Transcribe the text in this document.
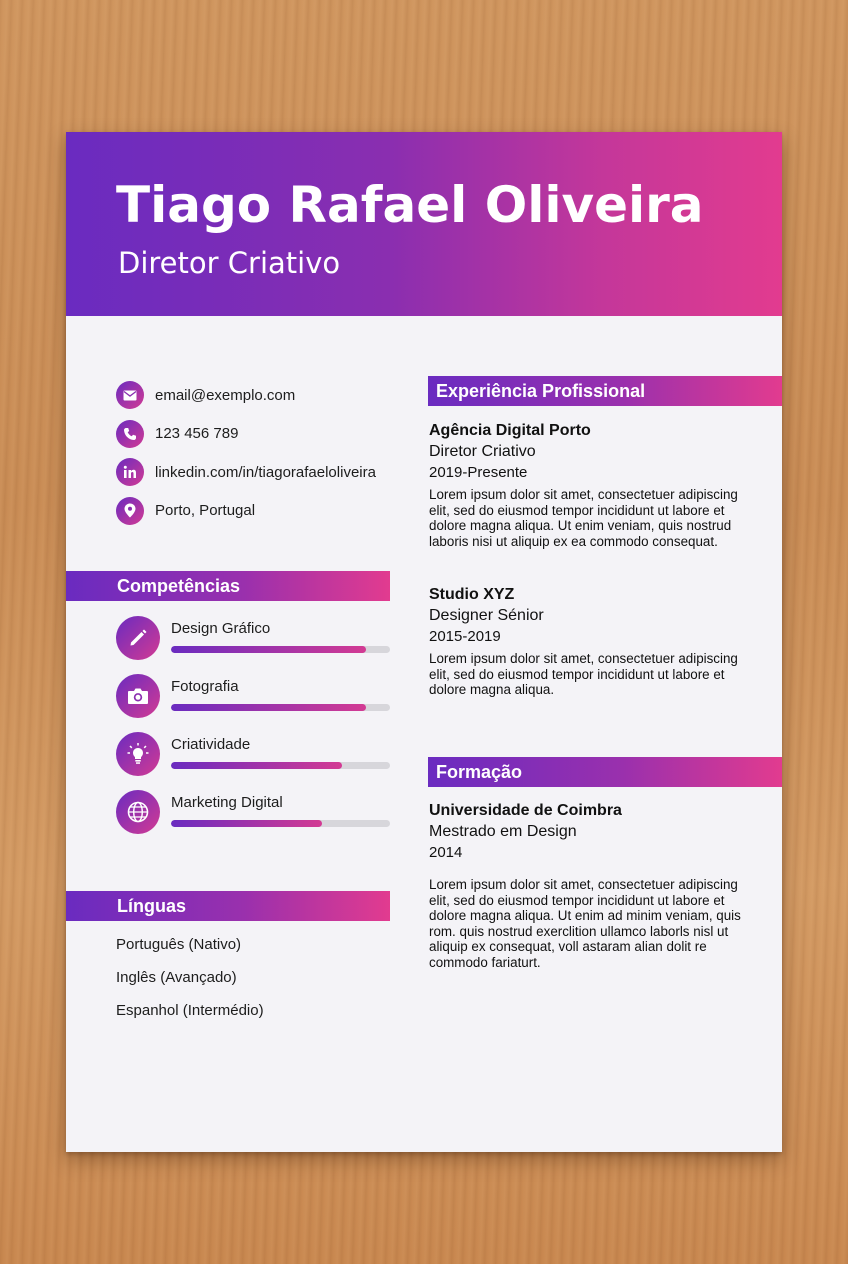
Tiago Rafael Oliveira
Diretor Criativo
email@exemplo.com
123 456 789
linkedin.com/in/tiagorafaeloliveira
Porto, Portugal
Competências
Design Gráfico
Fotografia
Criatividade
Marketing Digital
Línguas
Português (Nativo)
Inglês (Avançado)
Espanhol (Intermédio)
Experiência Profissional
Agência Digital Porto
Diretor Criativo
2019-Presente
Lorem ipsum dolor sit amet, consectetuer adipiscing elit, sed do eiusmod tempor incididunt ut labore et dolore magna aliqua. Ut enim veniam, quis nostrud laboris nisi ut aliquip ex ea commodo consequat.
Studio XYZ
Designer Sénior
2015-2019
Lorem ipsum dolor sit amet, consectetuer adipiscing elit, sed do eiusmod tempor incididunt ut labore et dolore magna aliqua.
Formação
Universidade de Coimbra
Mestrado em Design
2014
Lorem ipsum dolor sit amet, consectetuer adipiscing elit, sed do eiusmod tempor incididunt ut labore et dolore magna aliqua. Ut enim ad minim veniam, quis rom. quis nostrud exerclition ullamco laborls nisl ut aliquip ex consequat, voll astaram alian dolit re commodo fariaturt.
